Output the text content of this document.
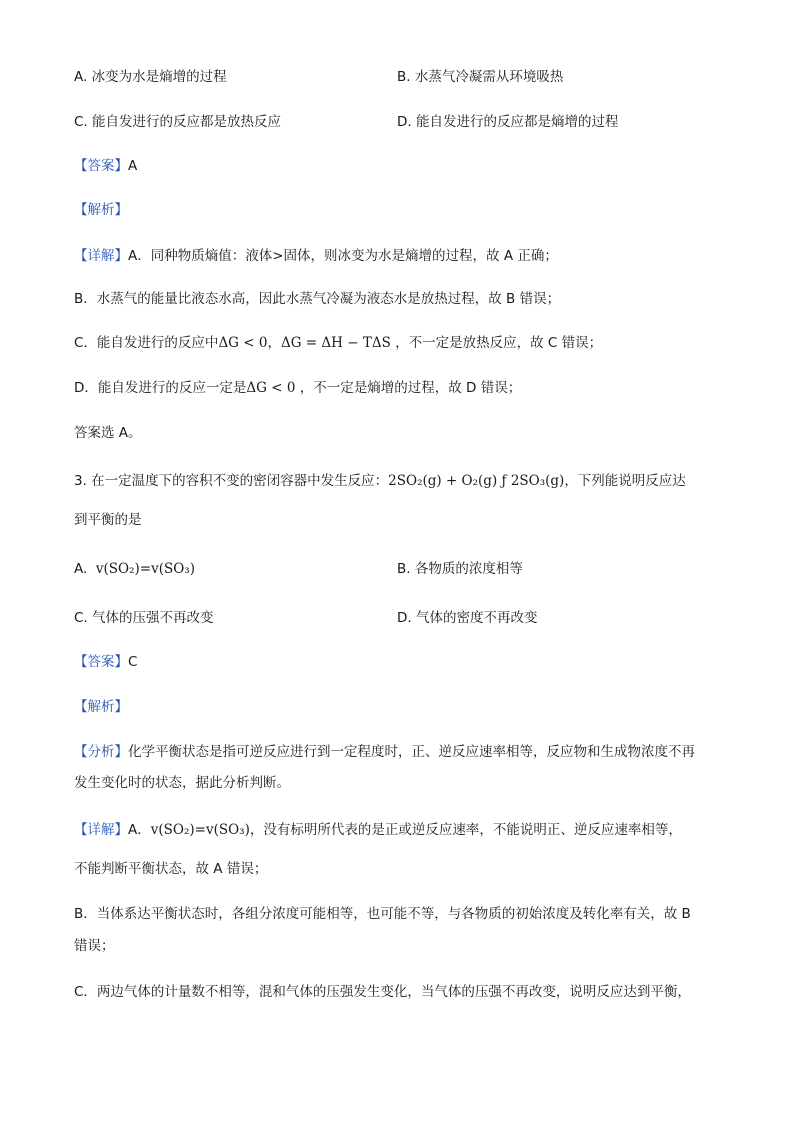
A. 冰变为水是熵增的过程	B. 水蒸气冷凝需从环境吸热
C. 能自发进行的反应都是放热反应	D. 能自发进行的反应都是熵增的过程
【答案】A
【解析】
【详解】A．同种物质熵值：液体>固体，则冰变为水是熵增的过程，故 A 正确；
B．水蒸气的能量比液态水高，因此水蒸气冷凝为液态水是放热过程，故 B 错误；
C．能自发进行的反应中ΔG < 0，ΔG = ΔH − TΔS ，不一定是放热反应，故 C 错误；
D．能自发进行的反应一定是ΔG < 0 ，不一定是熵增的过程，故 D 错误；
答案选 A。
3. 在一定温度下的容积不变的密闭容器中发生反应：2SO₂(g) + O₂(g) ƒ 2SO₃(g)，下列能说明反应达
到平衡的是
A. v(SO₂)=v(SO₃)	B. 各物质的浓度相等
C. 气体的压强不再改变	D. 气体的密度不再改变
【答案】C
【解析】
【分析】化学平衡状态是指可逆反应进行到一定程度时，正、逆反应速率相等，反应物和生成物浓度不再
发生变化时的状态，据此分析判断。
【详解】A．v(SO₂)=v(SO₃)，没有标明所代表的是正或逆反应速率，不能说明正、逆反应速率相等，
不能判断平衡状态，故 A 错误；
B．当体系达平衡状态时，各组分浓度可能相等，也可能不等，与各物质的初始浓度及转化率有关，故 B
错误；
C．两边气体的计量数不相等，混和气体的压强发生变化，当气体的压强不再改变，说明反应达到平衡，
